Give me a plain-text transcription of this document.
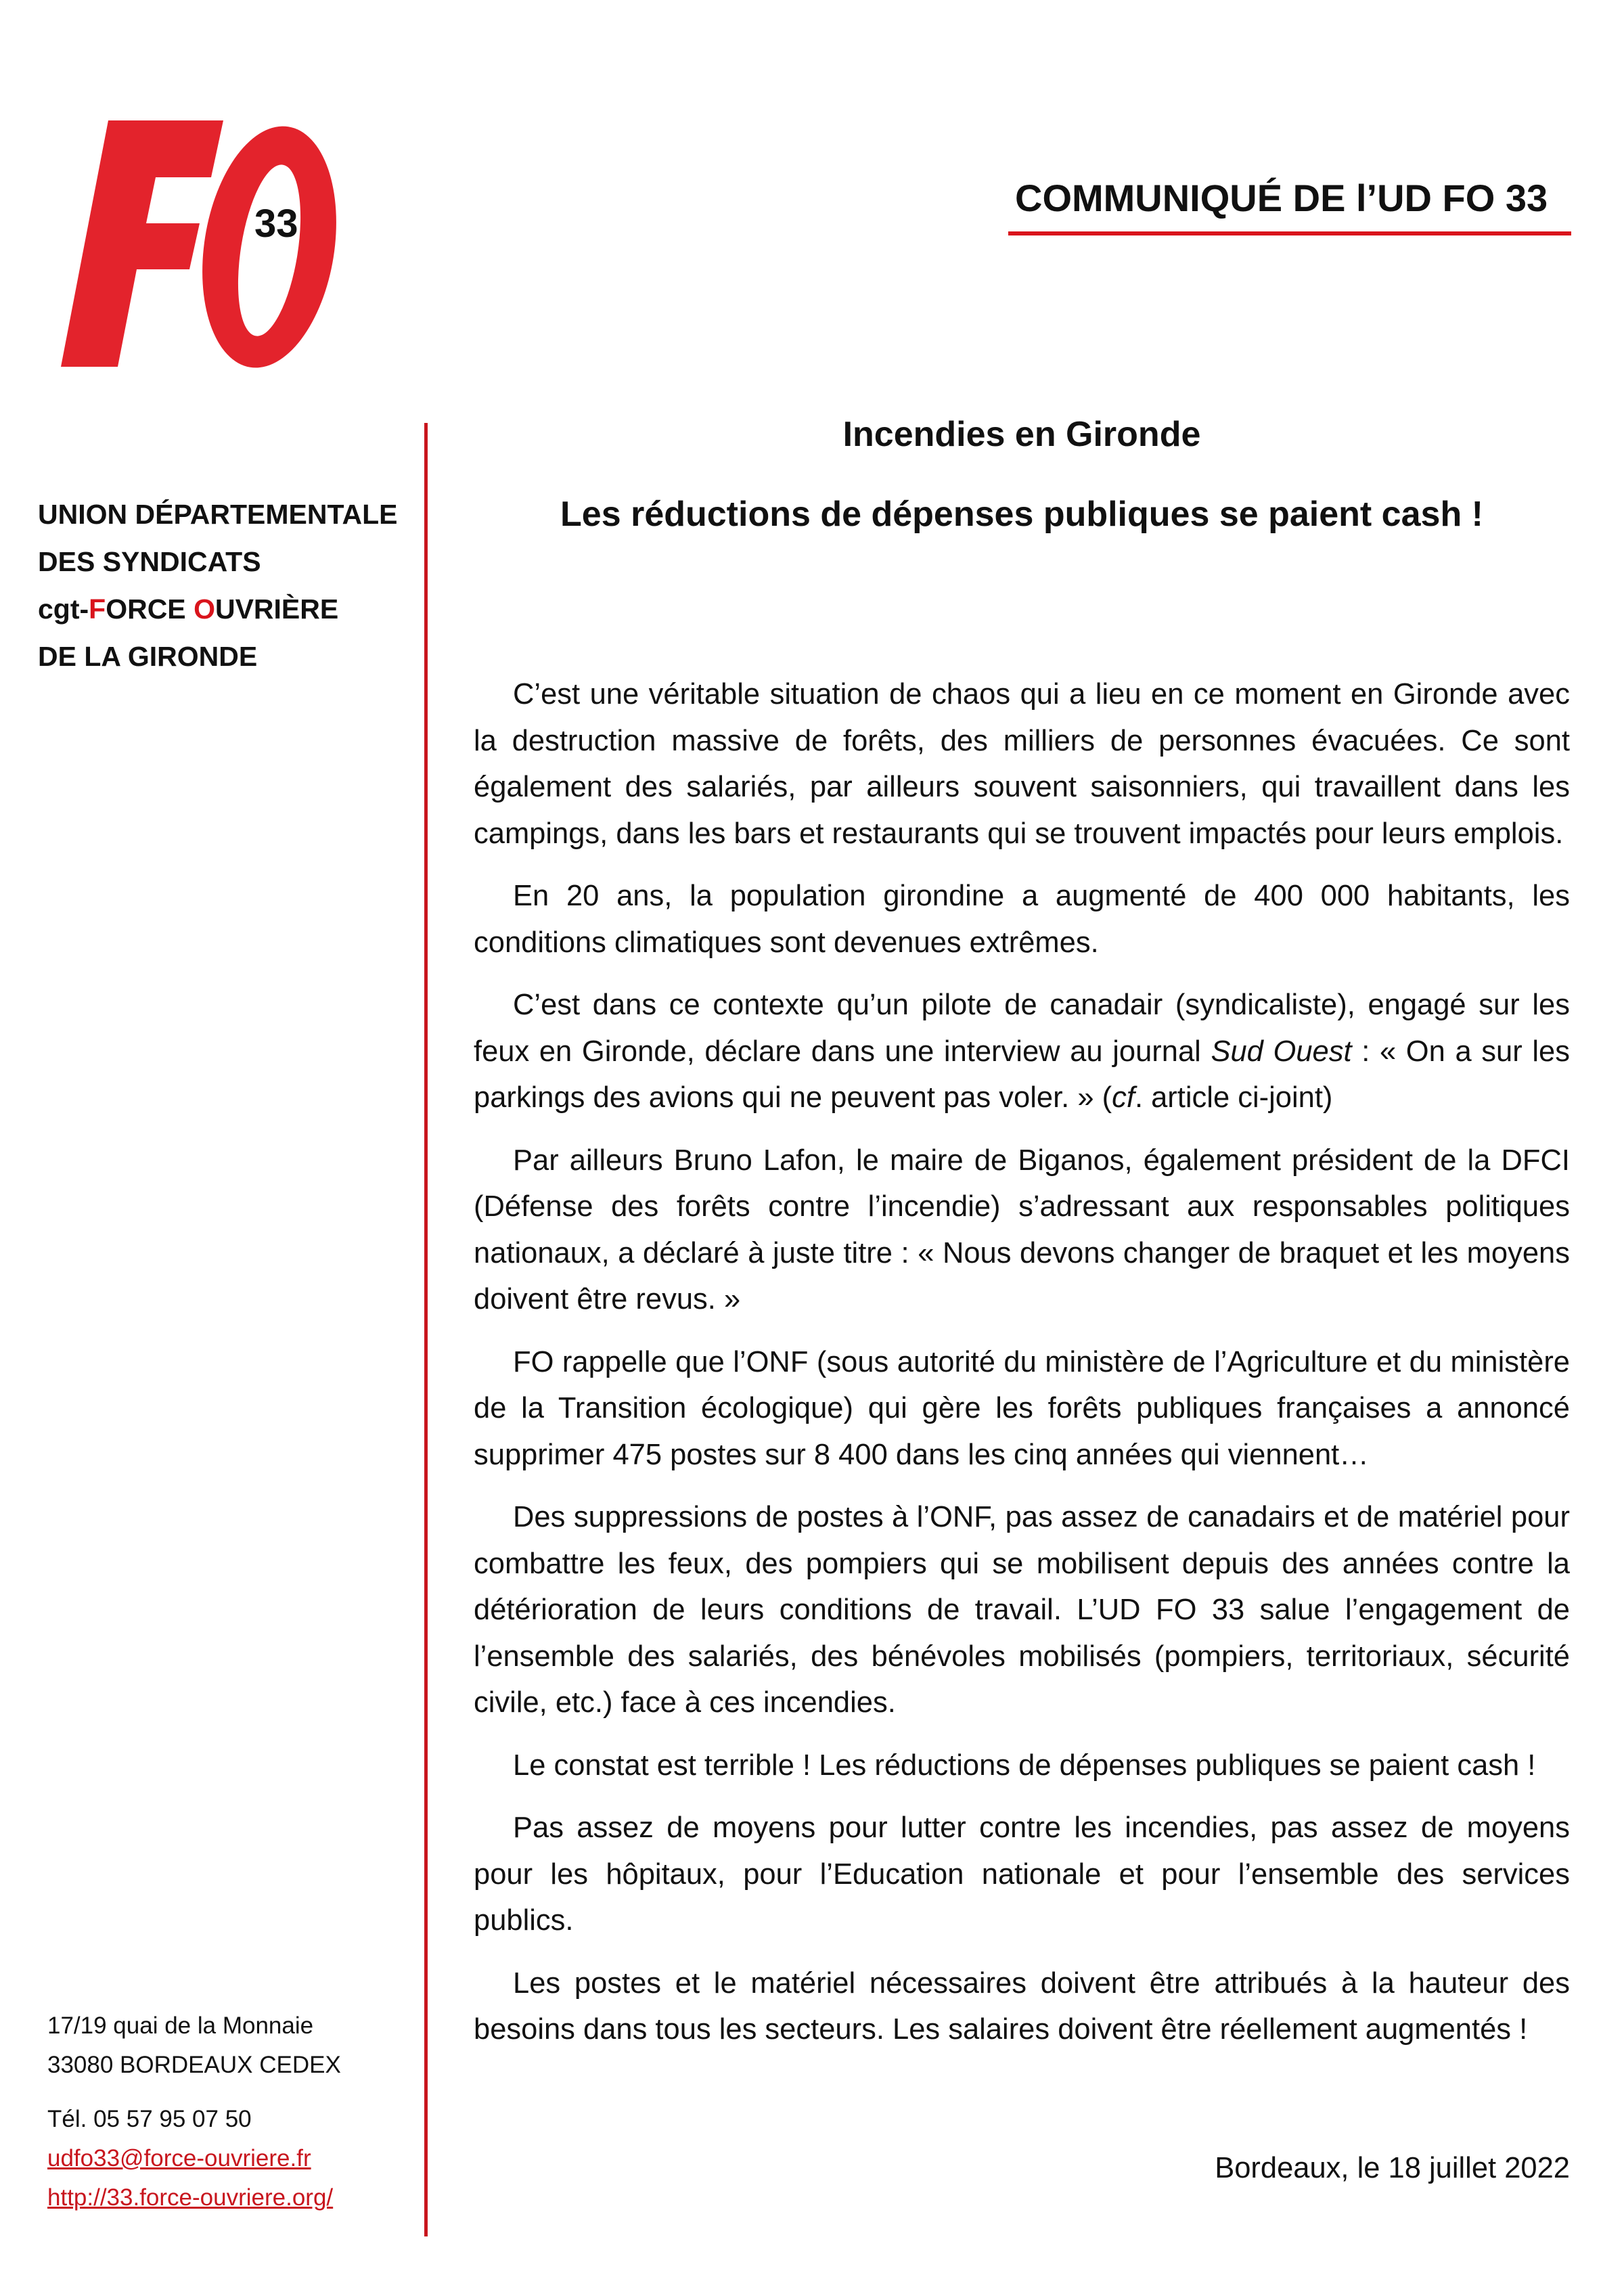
33
COMMUNIQUÉ DE l’UD FO 33
UNION DÉPARTEMENTALE
DES SYNDICATS
cgt-FORCE OUVRIÈRE
DE LA GIRONDE
Incendies en Gironde
Les réductions de dépenses publiques se paient cash !

C’est une véritable situation de chaos qui a lieu en ce moment en Gironde avec la destruction massive de forêts, des milliers de personnes évacuées. Ce sont également des salariés, par ailleurs souvent saisonniers, qui travaillent dans les campings, dans les bars et restaurants qui se trouvent impactés pour leurs emplois.

En 20 ans, la population girondine a augmenté de 400 000 habitants, les conditions climatiques sont devenues extrêmes.

C’est dans ce contexte qu’un pilote de canadair (syndicaliste), engagé sur les feux en Gironde, déclare dans une interview au journal Sud Ouest : « On a sur les parkings des avions qui ne peuvent pas voler. » (cf. article ci-joint)

Par ailleurs Bruno Lafon, le maire de Biganos, également président de la DFCI (Défense des forêts contre l’incendie) s’adressant aux responsables politiques nationaux, a déclaré à juste titre : « Nous devons changer de braquet et les moyens doivent être revus. »

FO rappelle que l’ONF (sous autorité du ministère de l’Agriculture et du ministère de la Transition écologique) qui gère les forêts publiques françaises a annoncé supprimer 475 postes sur 8 400 dans les cinq années qui viennent…

Des suppressions de postes à l’ONF, pas assez de canadairs et de matériel pour combattre les feux, des pompiers qui se mobilisent depuis des années contre la détérioration de leurs conditions de travail. L’UD FO 33 salue l’engagement de l’ensemble des salariés, des bénévoles mobilisés (pompiers, territoriaux, sécurité civile, etc.) face à ces incendies.

Le constat est terrible ! Les réductions de dépenses publiques se paient cash !

Pas assez de moyens pour lutter contre les incendies, pas assez de moyens pour les hôpitaux, pour l’Education nationale et pour l’ensemble des services publics.

Les postes et le matériel nécessaires doivent être attribués à la hauteur des besoins dans tous les secteurs. Les salaires doivent être réellement augmentés !

Bordeaux, le 18 juillet 2022
17/19 quai de la Monnaie
33080 BORDEAUX CEDEX
Tél. 05 57 95 07 50
udfo33@force-ouvriere.fr
http://33.force-ouvriere.org/
